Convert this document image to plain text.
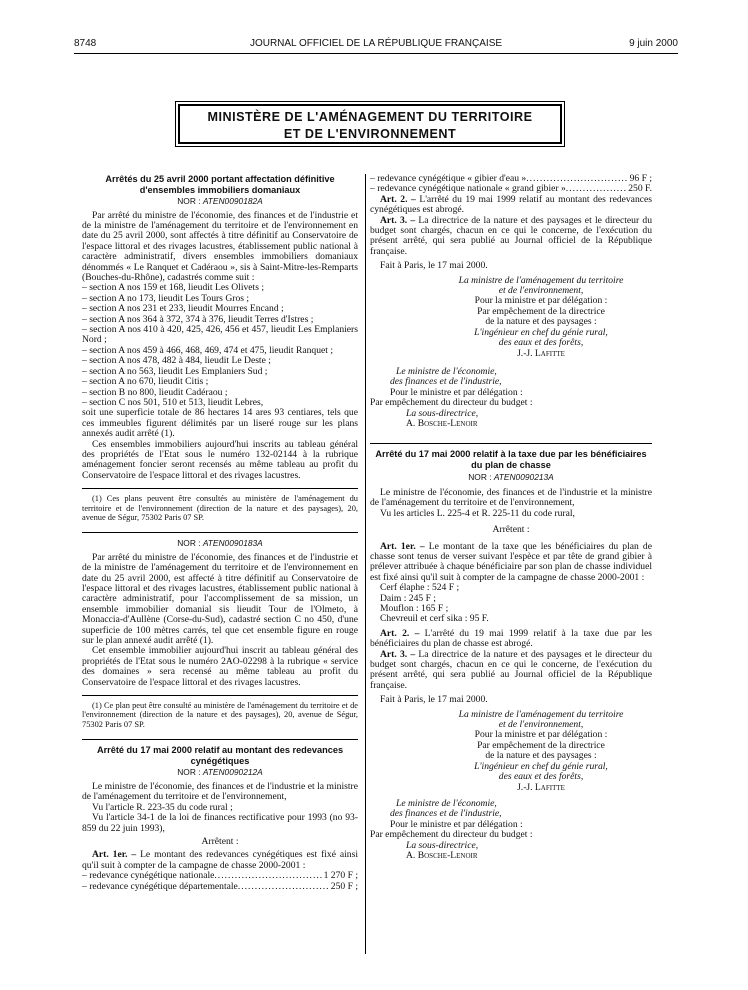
8748	JOURNAL OFFICIEL DE LA RÉPUBLIQUE FRANÇAISE	9 juin 2000
MINISTÈRE DE L'AMÉNAGEMENT DU TERRITOIRE
ET DE L'ENVIRONNEMENT
Arrêtés du 25 avril 2000 portant affectation définitive d'ensembles immobiliers domaniaux
NOR : ATEN0090182A

Par arrêté du ministre de l'économie, des finances et de l'industrie et de la ministre de l'aménagement du territoire et de l'environnement en date du 25 avril 2000, sont affectés à titre définitif au Conservatoire de l'espace littoral et des rivages lacustres, établissement public national à caractère administratif, divers ensembles immobiliers domaniaux dénommés « Le Ranquet et Cadéraou », sis à Saint-Mitre-les-Remparts (Bouches-du-Rhône), cadastrés comme suit :

– section A nos 159 et 168, lieudit Les Olivets ;

– section A no 173, lieudit Les Tours Gros ;

– section A nos 231 et 233, lieudit Mourres Encand ;

– section A nos 364 à 372, 374 à 376, lieudit Terres d'Istres ;

– section A nos 410 à 420, 425, 426, 456 et 457, lieudit Les Emplaniers Nord ;

– section A nos 459 à 466, 468, 469, 474 et 475, lieudit Ranquet ;

– section A nos 478, 482 à 484, lieudit Le Deste ;

– section A no 563, lieudit Les Emplaniers Sud ;

– section A no 670, lieudit Citis ;

– section B no 800, lieudit Cadéraou ;

– section C nos 501, 510 et 513, lieudit Lebres,

soit une superficie totale de 86 hectares 14 ares 93 centiares, tels que ces immeubles figurent délimités par un liseré rouge sur les plans annexés audit arrêté (1).

Ces ensembles immobiliers aujourd'hui inscrits au tableau général des propriétés de l'Etat sous le numéro 132-02144 à la rubrique aménagement foncier seront recensés au même tableau au profit du Conservatoire de l'espace littoral et des rivages lacustres.

(1) Ces plans peuvent être consultés au ministère de l'aménagement du territoire et de l'environnement (direction de la nature et des paysages), 20, avenue de Ségur, 75302 Paris 07 SP.

NOR : ATEN0090183A

Par arrêté du ministre de l'économie, des finances et de l'industrie et de la ministre de l'aménagement du territoire et de l'environnement en date du 25 avril 2000, est affecté à titre définitif au Conservatoire de l'espace littoral et des rivages lacustres, établissement public national à caractère administratif, pour l'accomplissement de sa mission, un ensemble immobilier domanial sis lieudit Tour de l'Olmeto, à Monaccia-d'Aullène (Corse-du-Sud), cadastré section C no 450, d'une superficie de 100 mètres carrés, tel que cet ensemble figure en rouge sur le plan annexé audit arrêté (1).

Cet ensemble immobilier aujourd'hui inscrit au tableau général des propriétés de l'Etat sous le numéro 2AO-02298 à la rubrique « service des domaines » sera recensé au même tableau au profit du Conservatoire de l'espace littoral et des rivages lacustres.

(1) Ce plan peut être consulté au ministère de l'aménagement du territoire et de l'environnement (direction de la nature et des paysages), 20, avenue de Ségur, 75302 Paris 07 SP.

Arrêté du 17 mai 2000 relatif au montant des redevances cynégétiques
NOR : ATEN0090212A

Le ministre de l'économie, des finances et de l'industrie et la ministre de l'aménagement du territoire et de l'environnement,

Vu l'article R. 223-35 du code rural ;

Vu l'article 34-1 de la loi de finances rectificative pour 1993 (no 93-859 du 22 juin 1993),

Arrêtent :

Art. 1er. – Le montant des redevances cynégétiques est fixé ainsi qu'il suit à compter de la campagne de chasse 2000-2001 :

– redevance cynégétique nationale .....	1 270 F ;
– redevance cynégétique départementale .....	250 F ;
– redevance cynégétique « gibier d'eau » .....	96 F ;
– redevance cynégétique nationale « grand gibier » .....	250 F.

Art. 2. – L'arrêté du 19 mai 1999 relatif au montant des redevances cynégétiques est abrogé.

Art. 3. – La directrice de la nature et des paysages et le directeur du budget sont chargés, chacun en ce qui le concerne, de l'exécution du présent arrêté, qui sera publié au Journal officiel de la République française.

Fait à Paris, le 17 mai 2000.

La ministre de l'aménagement du territoire
et de l'environnement,
Pour la ministre et par délégation :
Par empêchement de la directrice
de la nature et des paysages :
L'ingénieur en chef du génie rural,
des eaux et des forêts,
J.-J. Lafitte
Le ministre de l'économie,
des finances et de l'industrie,
Pour le ministre et par délégation :
Par empêchement du directeur du budget :
La sous-directrice,
A. Bosche-Lenoir
Arrêté du 17 mai 2000 relatif à la taxe due par les bénéficiaires du plan de chasse
NOR : ATEN0090213A

Le ministre de l'économie, des finances et de l'industrie et la ministre de l'aménagement du territoire et de l'environnement,

Vu les articles L. 225-4 et R. 225-11 du code rural,

Arrêtent :

Art. 1er. – Le montant de la taxe que les bénéficiaires du plan de chasse sont tenus de verser suivant l'espèce et par tête de grand gibier à prélever attribuée à chaque bénéficiaire par son plan de chasse individuel est fixé ainsi qu'il suit à compter de la campagne de chasse 2000-2001 :

Cerf élaphe : 524 F ;

Daim : 245 F ;

Mouflon : 165 F ;

Chevreuil et cerf sika : 95 F.

Art. 2. – L'arrêté du 19 mai 1999 relatif à la taxe due par les bénéficiaires du plan de chasse est abrogé.

Art. 3. – La directrice de la nature et des paysages et le directeur du budget sont chargés, chacun en ce qui le concerne, de l'exécution du présent arrêté, qui sera publié au Journal officiel de la République française.

Fait à Paris, le 17 mai 2000.

La ministre de l'aménagement du territoire
et de l'environnement,
Pour la ministre et par délégation :
Par empêchement de la directrice
de la nature et des paysages :
L'ingénieur en chef du génie rural,
des eaux et des forêts,
J.-J. Lafitte
Le ministre de l'économie,
des finances et de l'industrie,
Pour le ministre et par délégation :
Par empêchement du directeur du budget :
La sous-directrice,
A. Bosche-Lenoir
